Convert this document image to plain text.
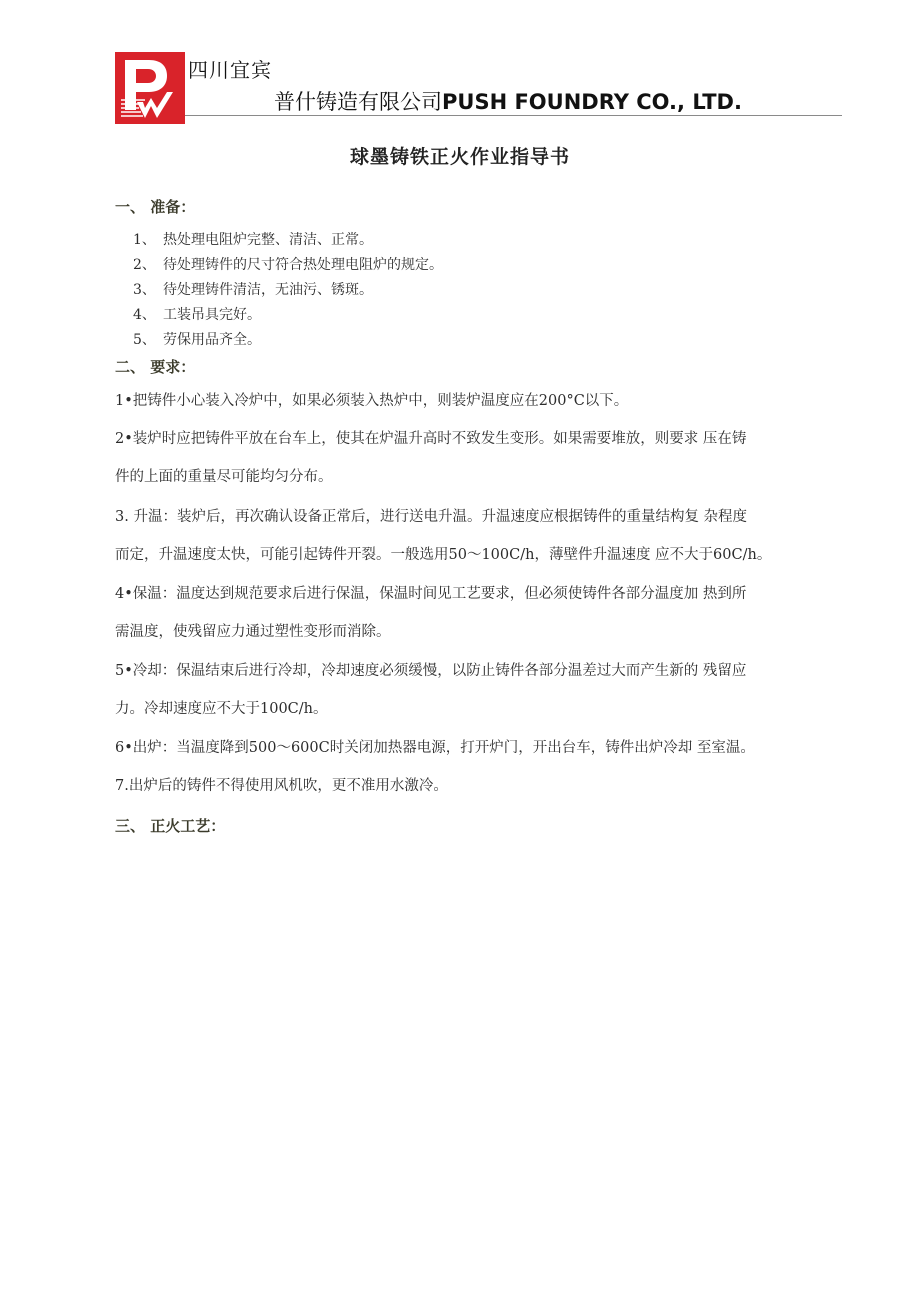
四川宜宾

普什铸造有限公司PUSH FOUNDRY CO., LTD.

球墨铸铁正火作业指导书

一、 准备：

1、 热处理电阻炉完整、清洁、正常。

2、 待处理铸件的尺寸符合热处理电阻炉的规定。

3、 待处理铸件清洁，无油污、锈斑。

4、 工装吊具完好。

5、 劳保用品齐全。

二、 要求：

1•把铸件小心装入冷炉中，如果必须装入热炉中，则装炉温度应在200°C以下。

2•装炉时应把铸件平放在台车上，使其在炉温升高时不致发生变形。如果需要堆放，则要求 压在铸

件的上面的重量尽可能均匀分布。

3. 升温：装炉后，再次确认设备正常后，进行送电升温。升温速度应根据铸件的重量结构复 杂程度

而定，升温速度太快，可能引起铸件开裂。一般选用50〜100C/h，薄壁件升温速度 应不大于60C/h。

4•保温：温度达到规范要求后进行保温，保温时间见工艺要求，但必须使铸件各部分温度加 热到所

需温度，使残留应力通过塑性变形而消除。

5•冷却：保温结束后进行冷却，冷却速度必须缓慢，以防止铸件各部分温差过大而产生新的 残留应

力。冷却速度应不大于100C/h。

6•出炉：当温度降到500〜600C时关闭加热器电源，打开炉门，开出台车，铸件出炉冷却 至室温。

7.出炉后的铸件不得使用风机吹，更不准用水激冷。

三、 正火工艺：
